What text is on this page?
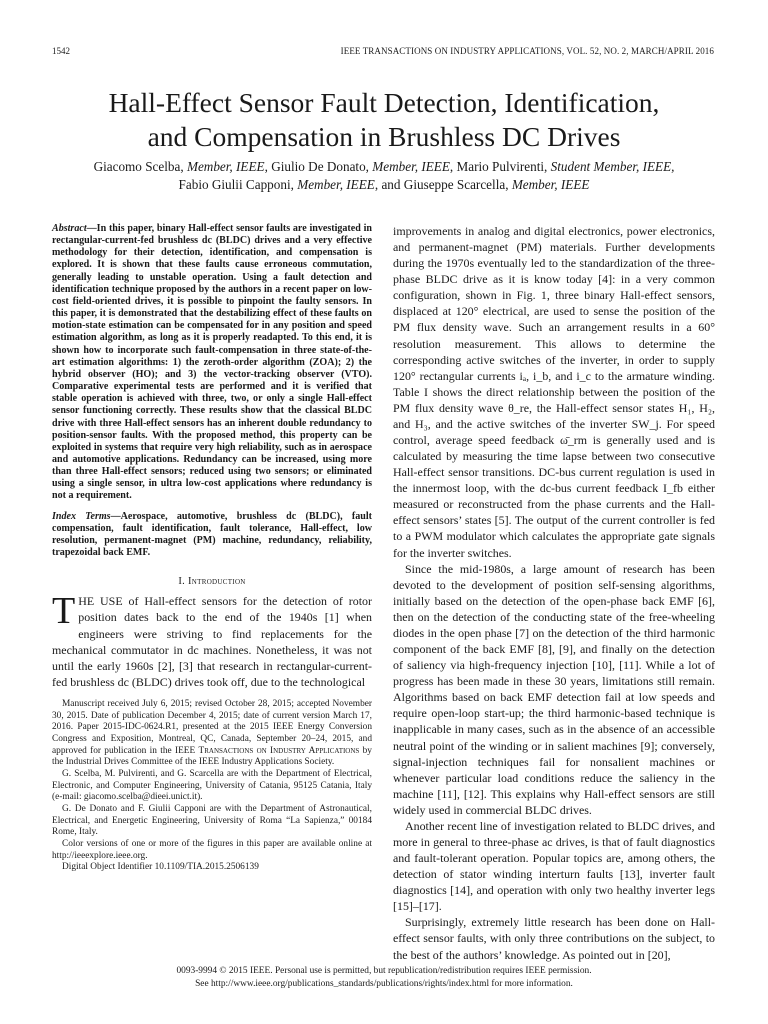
1542	IEEE TRANSACTIONS ON INDUSTRY APPLICATIONS, VOL. 52, NO. 2, MARCH/APRIL 2016
Hall-Effect Sensor Fault Detection, Identification,
and Compensation in Brushless DC Drives
Giacomo Scelba, Member, IEEE, Giulio De Donato, Member, IEEE, Mario Pulvirenti, Student Member, IEEE,
Fabio Giulii Capponi, Member, IEEE, and Giuseppe Scarcella, Member, IEEE

Abstract—In this paper, binary Hall-effect sensor faults are investigated in rectangular-current-fed brushless dc (BLDC) drives and a very effective methodology for their detection, identification, and compensation is explored. It is shown that these faults cause erroneous commutation, generally leading to unstable operation. Using a fault detection and identification technique proposed by the authors in a recent paper on low-cost field-oriented drives, it is possible to pinpoint the faulty sensors. In this paper, it is demonstrated that the destabilizing effect of these faults on motion-state estimation can be compensated for in any position and speed estimation algorithm, as long as it is properly readapted. To this end, it is shown how to incorporate such fault-compensation in three state-of-the-art estimation algorithms: 1) the zeroth-order algorithm (ZOA); 2) the hybrid observer (HO); and 3) the vector-tracking observer (VTO). Comparative experimental tests are performed and it is verified that stable operation is achieved with three, two, or only a single Hall-effect sensor functioning correctly. These results show that the classical BLDC drive with three Hall-effect sensors has an inherent double redundancy to position-sensor faults. With the proposed method, this property can be exploited in systems that require very high reliability, such as in aerospace and automotive applications. Redundancy can be increased, using more than three Hall-effect sensors; reduced using two sensors; or eliminated using a single sensor, in ultra low-cost applications where redundancy is not a requirement.

Index Terms—Aerospace, automotive, brushless dc (BLDC), fault compensation, fault identification, fault tolerance, Hall-effect, low resolution, permanent-magnet (PM) machine, redundancy, reliability, trapezoidal back EMF.

I. Introduction

THE USE of Hall-effect sensors for the detection of rotor position dates back to the end of the 1940s [1] when engineers were striving to find replacements for the mechanical commutator in dc machines. Nonetheless, it was not until the early 1960s [2], [3] that research in rectangular-current-fed brushless dc (BLDC) drives took off, due to the technological

Manuscript received July 6, 2015; revised October 28, 2015; accepted November 30, 2015. Date of publication December 4, 2015; date of current version March 17, 2016. Paper 2015-IDC-0624.R1, presented at the 2015 IEEE Energy Conversion Congress and Exposition, Montreal, QC, Canada, September 20–24, 2015, and approved for publication in the IEEE Transactions on Industry Applications by the Industrial Drives Committee of the IEEE Industry Applications Society.

G. Scelba, M. Pulvirenti, and G. Scarcella are with the Department of Electrical, Electronic, and Computer Engineering, University of Catania, 95125 Catania, Italy (e-mail: giacomo.scelba@dieei.unict.it).

G. De Donato and F. Giulii Capponi are with the Department of Astronautical, Electrical, and Energetic Engineering, University of Roma “La Sapienza,” 00184 Rome, Italy.

Color versions of one or more of the figures in this paper are available online at http://ieeexplore.ieee.org.

Digital Object Identifier 10.1109/TIA.2015.2506139

improvements in analog and digital electronics, power electronics, and permanent-magnet (PM) materials. Further developments during the 1970s eventually led to the standardization of the three-phase BLDC drive as it is know today [4]: in a very common configuration, shown in Fig. 1, three binary Hall-effect sensors, displaced at 120° electrical, are used to sense the position of the PM flux density wave. Such an arrangement results in a 60° resolution measurement. This allows to determine the corresponding active switches of the inverter, in order to supply 120° rectangular currents iₐ, i_b, and i_c to the armature winding. Table I shows the direct relationship between the position of the PM flux density wave θ_re, the Hall-effect sensor states H₁, H₂, and H₃, and the active switches of the inverter SW_j. For speed control, average speed feedback ω̄_rm is generally used and is calculated by measuring the time lapse between two consecutive Hall-effect sensor transitions. DC-bus current regulation is used in the innermost loop, with the dc-bus current feedback I_fb either measured or reconstructed from the phase currents and the Hall-effect sensors’ states [5]. The output of the current controller is fed to a PWM modulator which calculates the appropriate gate signals for the inverter switches.

Since the mid-1980s, a large amount of research has been devoted to the development of position self-sensing algorithms, initially based on the detection of the open-phase back EMF [6], then on the detection of the conducting state of the free-wheeling diodes in the open phase [7] on the detection of the third harmonic component of the back EMF [8], [9], and finally on the detection of saliency via high-frequency injection [10], [11]. While a lot of progress has been made in these 30 years, limitations still remain. Algorithms based on back EMF detection fail at low speeds and require open-loop start-up; the third harmonic-based technique is inapplicable in many cases, such as in the absence of an accessible neutral point of the winding or in salient machines [9]; conversely, signal-injection techniques fail for nonsalient machines or whenever particular load conditions reduce the saliency in the machine [11], [12]. This explains why Hall-effect sensors are still widely used in commercial BLDC drives.

Another recent line of investigation related to BLDC drives, and more in general to three-phase ac drives, is that of fault diagnostics and fault-tolerant operation. Popular topics are, among others, the detection of stator winding interturn faults [13], inverter fault diagnostics [14], and operation with only two healthy inverter legs [15]–[17].

Surprisingly, extremely little research has been done on Hall-effect sensor faults, with only three contributions on the subject, to the best of the authors’ knowledge. As pointed out in [20],

0093-9994 © 2015 IEEE. Personal use is permitted, but republication/redistribution requires IEEE permission.
See http://www.ieee.org/publications_standards/publications/rights/index.html for more information.
